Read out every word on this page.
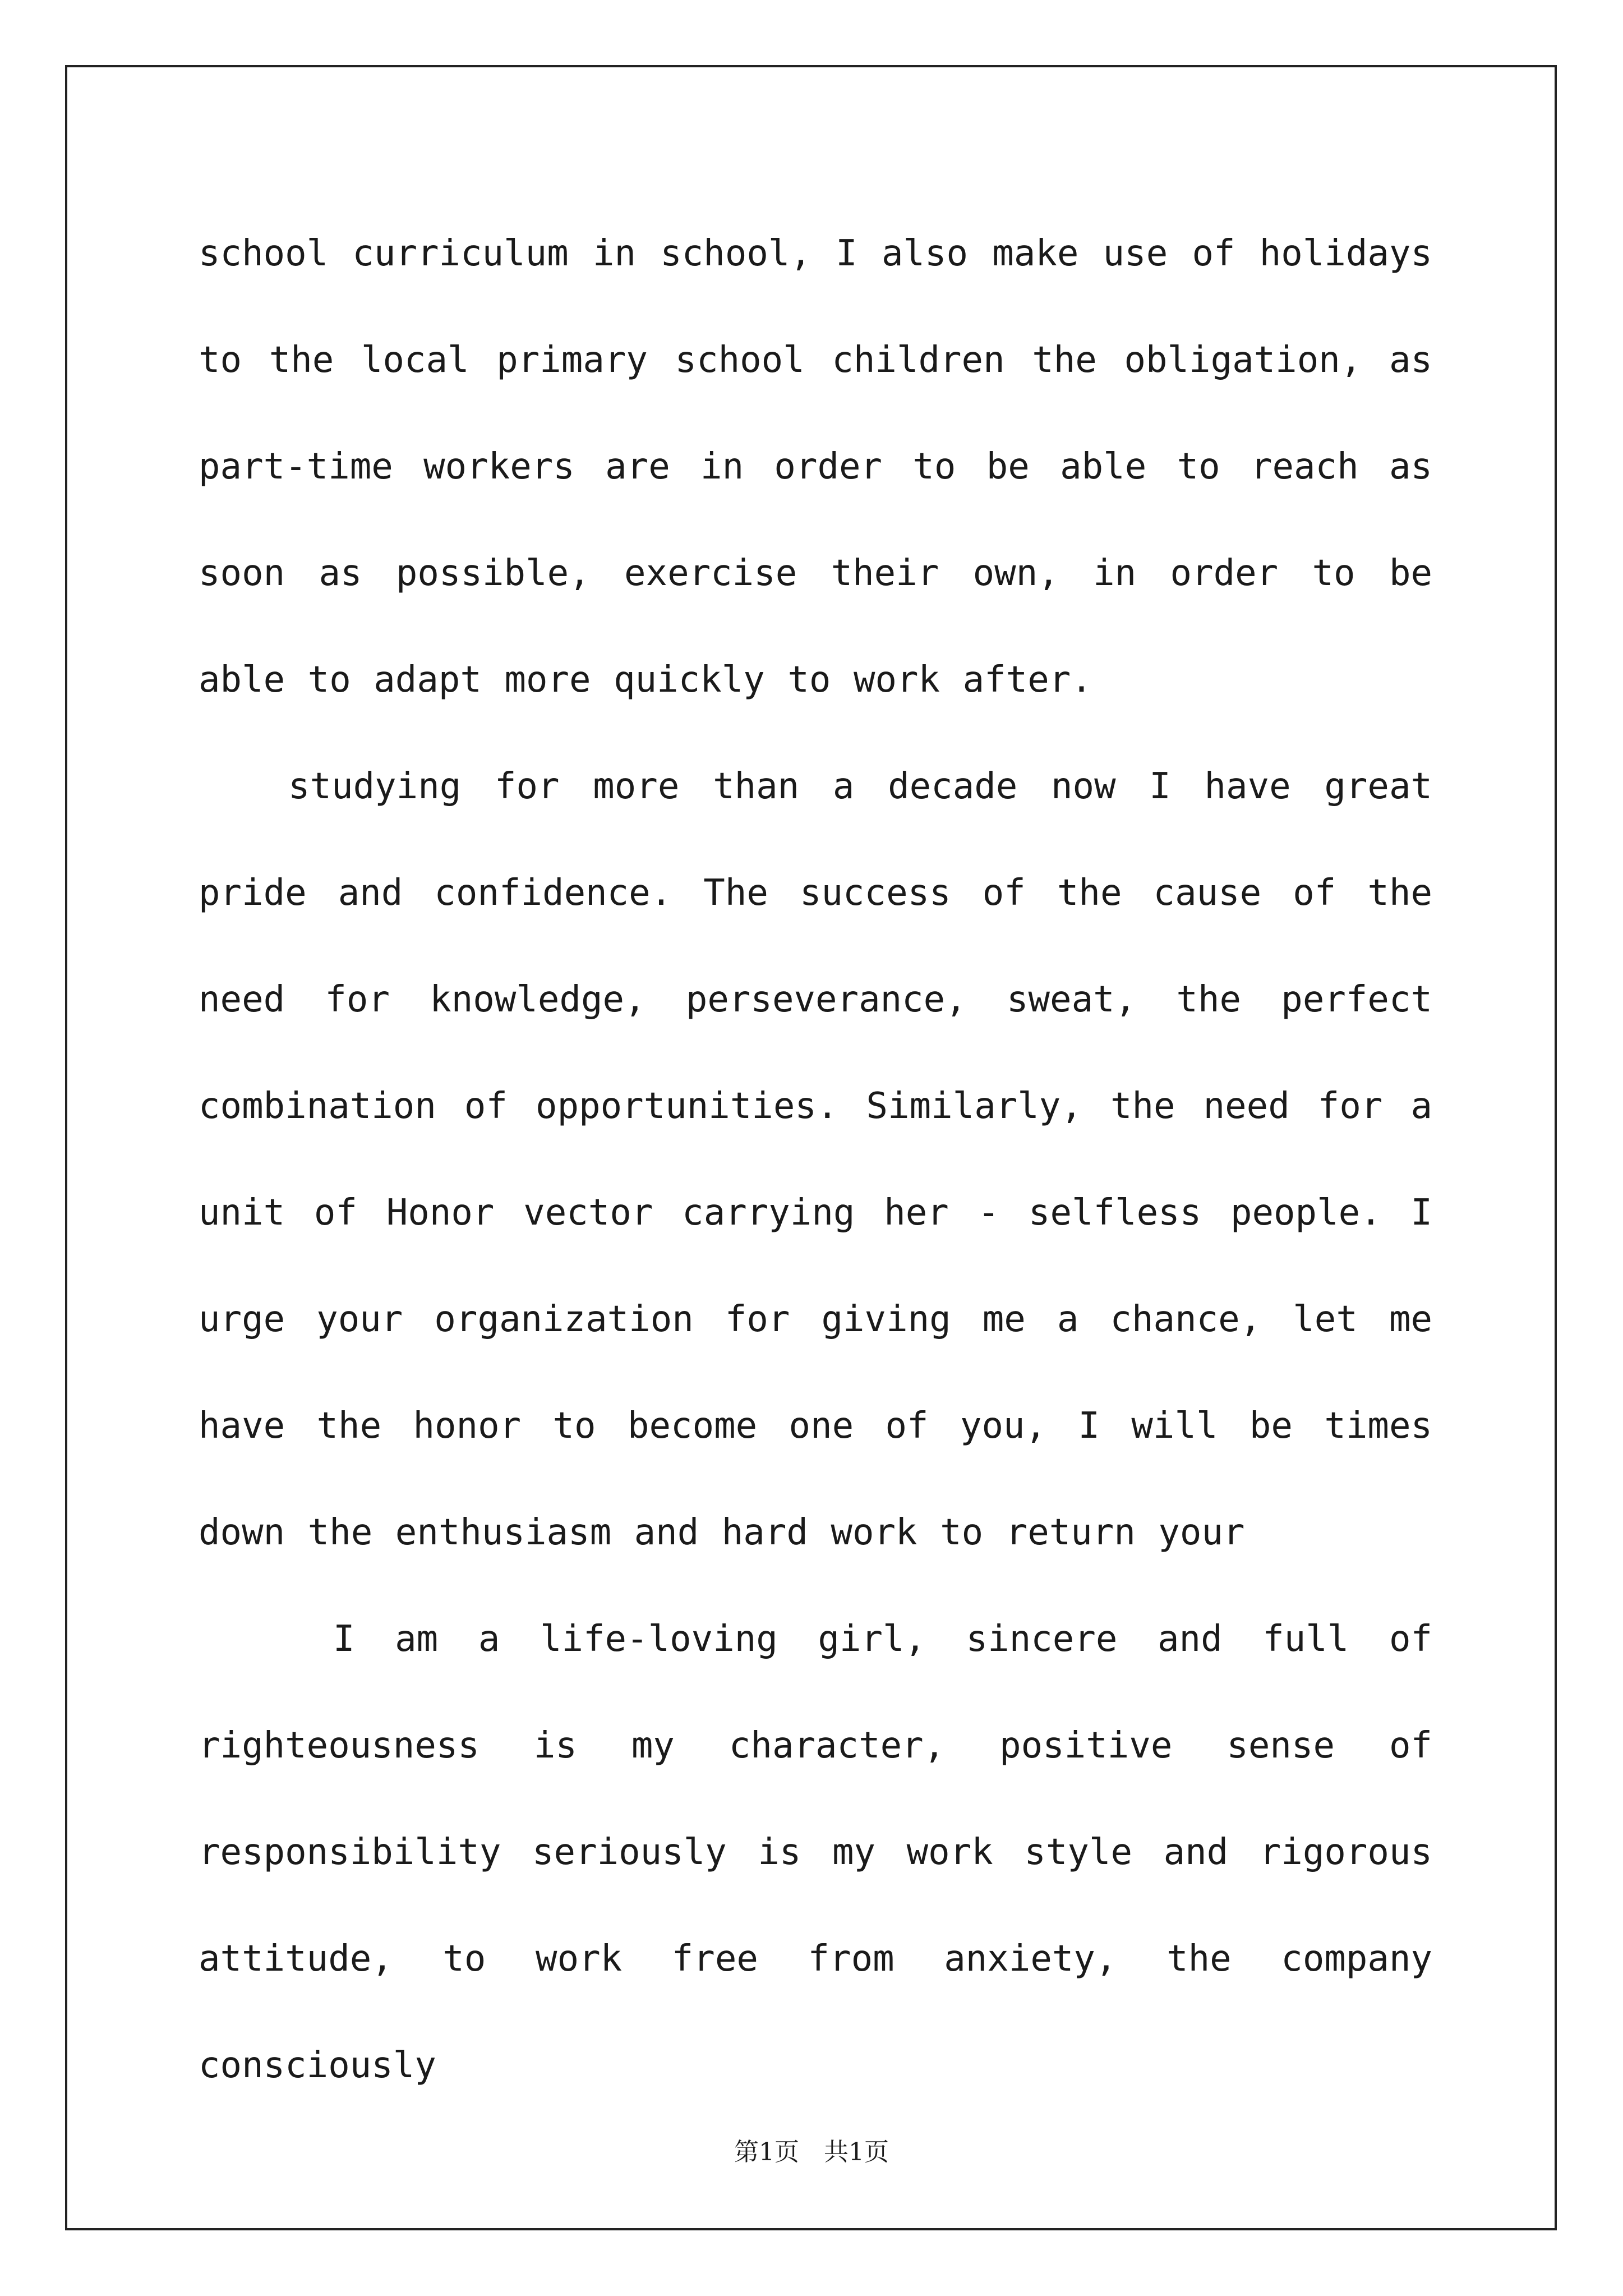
school curriculum in school, I also make use of holidays to the local primary school children the obligation, as part-time workers are in order to be able to reach as soon as possible, exercise their own, in order to be able to adapt more quickly to work after.

studying for more than a decade now I have great pride and confidence. The success of the cause of the need for knowledge, perseverance, sweat, the perfect combination of opportunities. Similarly, the need for a unit of Honor vector carrying her - selfless people. I urge your organization for giving me a chance, let me have the honor to become one of you, I will be times down the enthusiasm and hard work to return your

I am a life-loving girl, sincere and full of righteousness is my character, positive sense of responsibility seriously is my work style and rigorous attitude, to work free from anxiety, the company consciously

第1页　共1页
